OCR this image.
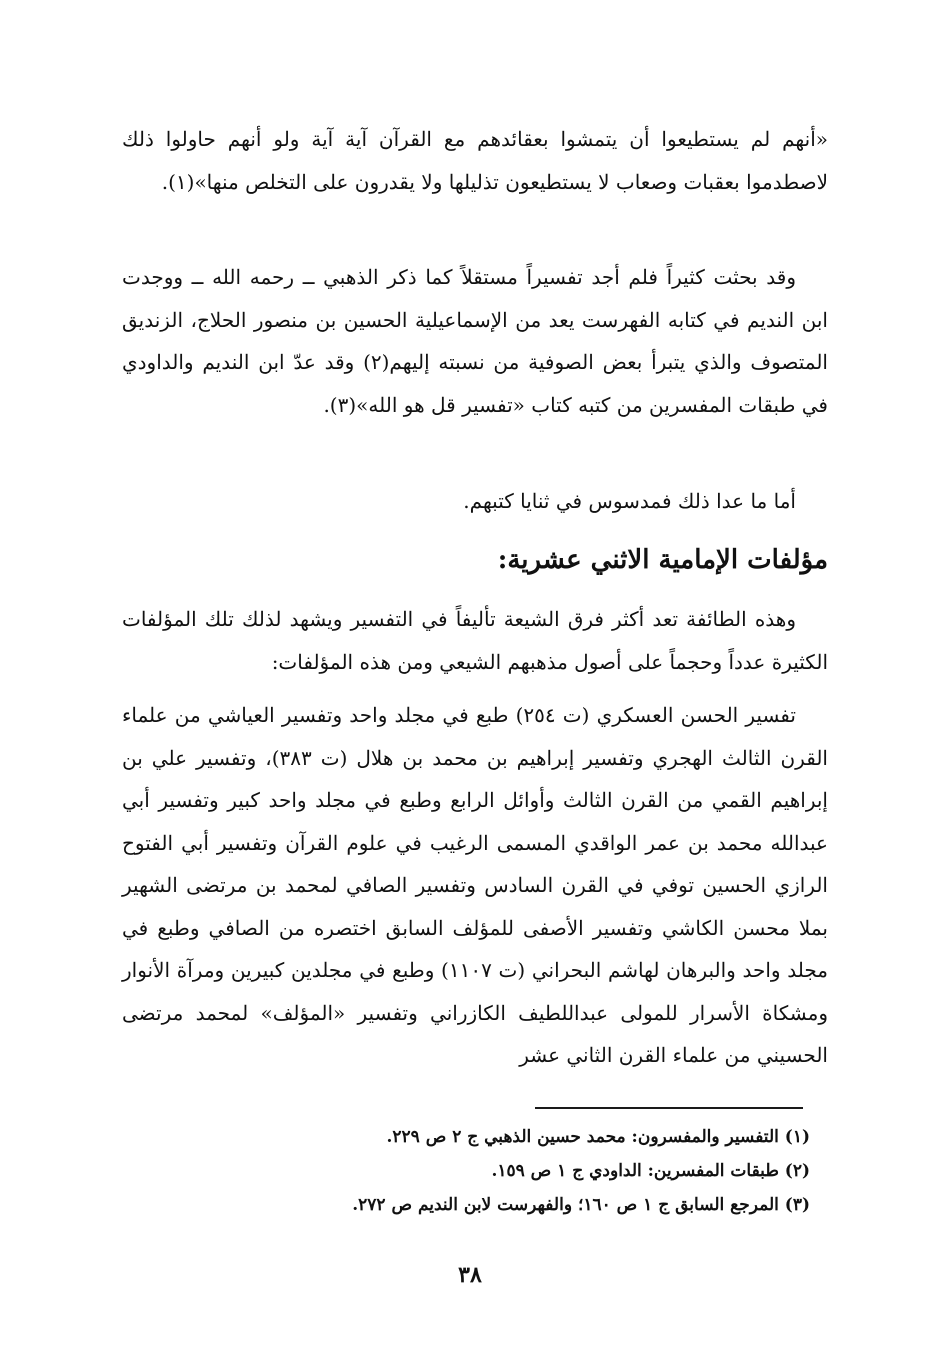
«أنهم لم يستطيعوا أن يتمشوا بعقائدهم مع القرآن آية آية ولو أنهم حاولوا ذلك لاصطدموا بعقبات وصعاب لا يستطيعون تذليلها ولا يقدرون على التخلص منها»(١).

وقد بحثت كثيراً فلم أجد تفسيراً مستقلاً كما ذكر الذهبي ــ رحمه الله ــ ووجدت ابن النديم في كتابه الفهرست يعد من الإسماعيلية الحسين بن منصور الحلاج، الزنديق المتصوف والذي يتبرأ بعض الصوفية من نسبته إليهم(٢) وقد عدّ ابن النديم والداودي في طبقات المفسرين من كتبه كتاب «تفسير قل هو الله»(٣).

أما ما عدا ذلك فمدسوس في ثنايا كتبهم.

مؤلفات الإمامية الاثني عشرية:

وهذه الطائفة تعد أكثر فرق الشيعة تأليفاً في التفسير ويشهد لذلك تلك المؤلفات الكثيرة عدداً وحجماً على أصول مذهبهم الشيعي ومن هذه المؤلفات:

تفسير الحسن العسكري (ت ٢٥٤) طبع في مجلد واحد وتفسير العياشي من علماء القرن الثالث الهجري وتفسير إبراهيم بن محمد بن هلال (ت ٣٨٣)، وتفسير علي بن إبراهيم القمي من القرن الثالث وأوائل الرابع وطبع في مجلد واحد كبير وتفسير أبي عبدالله محمد بن عمر الواقدي المسمى الرغيب في علوم القرآن وتفسير أبي الفتوح الرازي الحسين توفي في القرن السادس وتفسير الصافي لمحمد بن مرتضى الشهير بملا محسن الكاشي وتفسير الأصفى للمؤلف السابق اختصره من الصافي وطبع في مجلد واحد والبرهان لهاشم البحراني (ت ١١٠٧) وطبع في مجلدين كبيرين ومرآة الأنوار ومشكاة الأسرار للمولى عبداللطيف الكازراني وتفسير «المؤلف» لمحمد مرتضى الحسيني من علماء القرن الثاني عشر

(١) التفسير والمفسرون: محمد حسين الذهبي ج ٢ ص ٢٢٩.
(٢) طبقات المفسرين: الداودي ج ١ ص ١٥٩.
(٣) المرجع السابق ج ١ ص ١٦٠؛ والفهرست لابن النديم ص ٢٧٢.
٣٨
